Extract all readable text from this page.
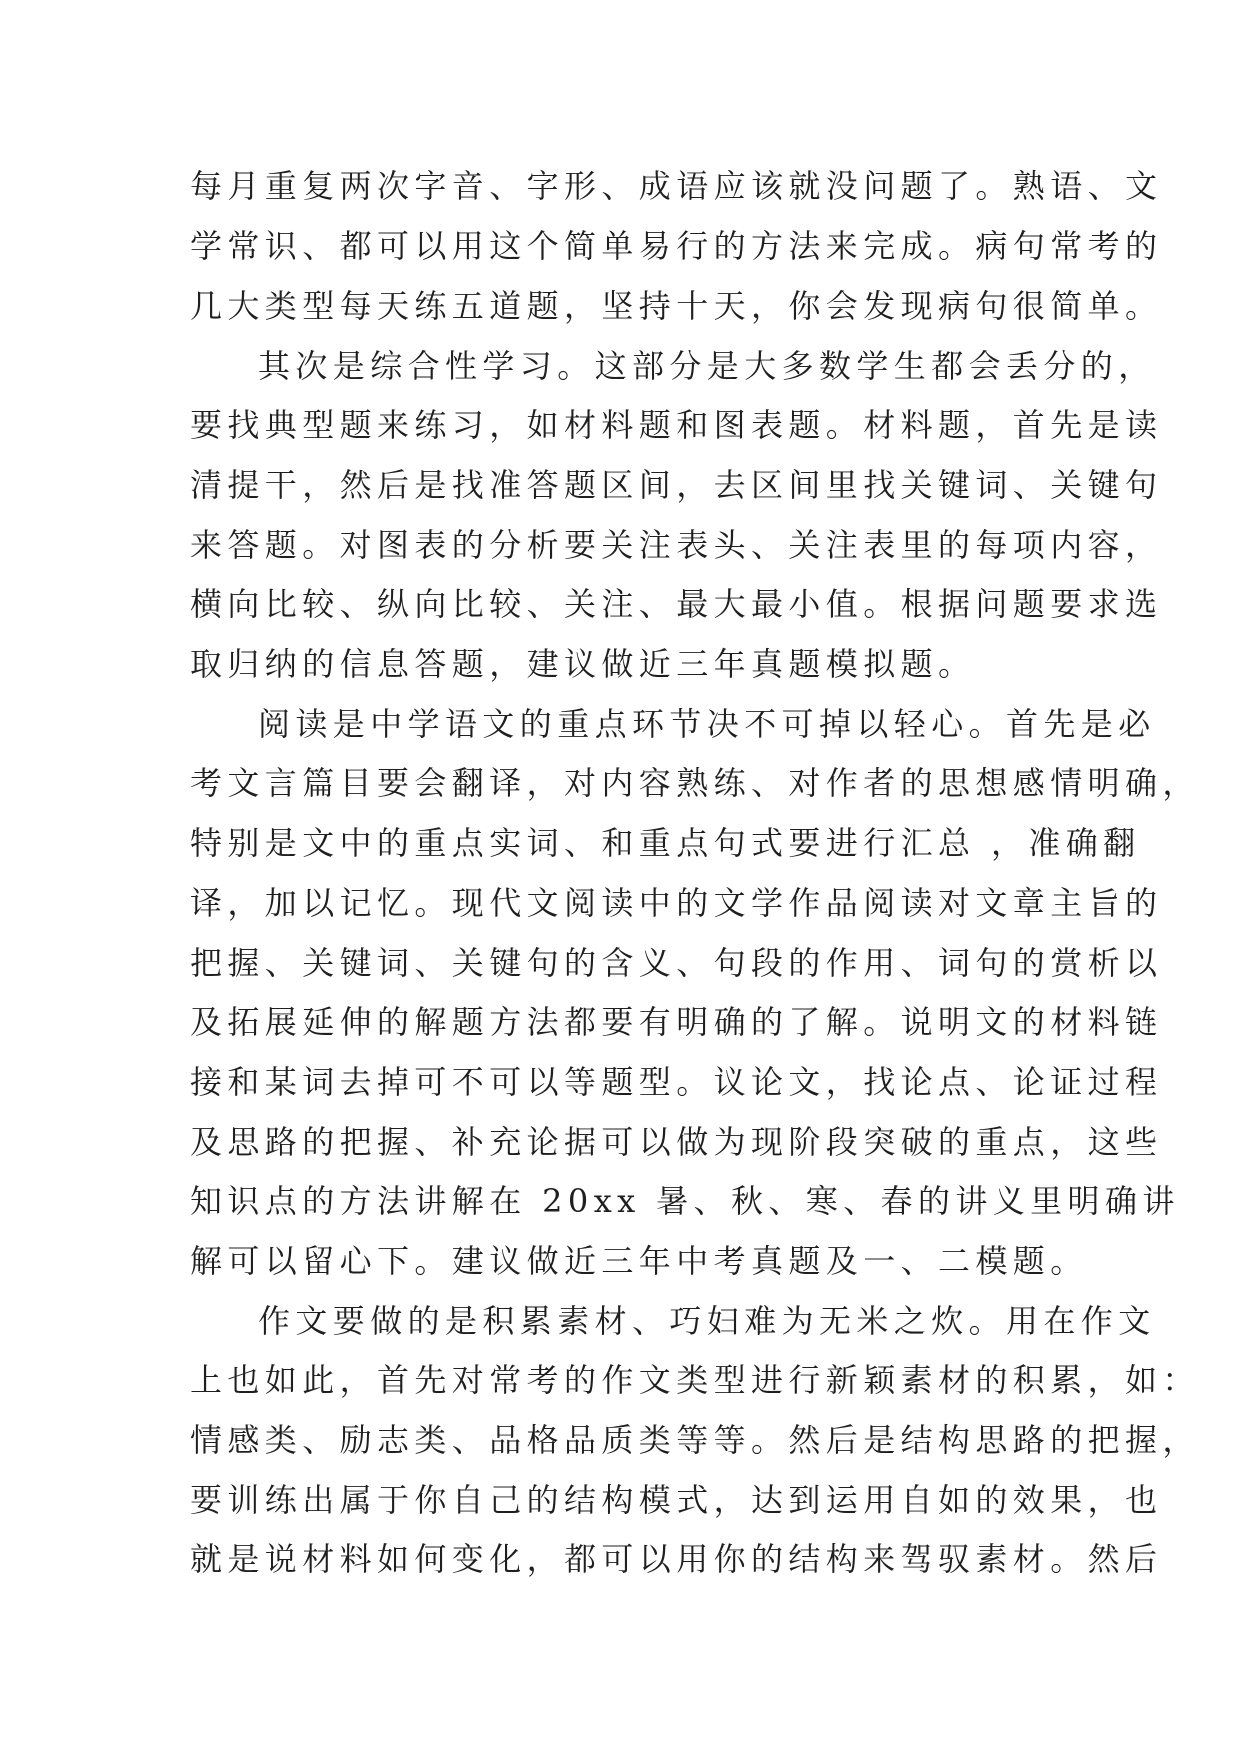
每月重复两次字音、字形、成语应该就没问题了。熟语、文
学常识、都可以用这个简单易行的方法来完成。病句常考的
几大类型每天练五道题，坚持十天，你会发现病句很简单。
其次是综合性学习。这部分是大多数学生都会丢分的，
要找典型题来练习，如材料题和图表题。材料题，首先是读
清提干，然后是找准答题区间，去区间里找关键词、关键句
来答题。对图表的分析要关注表头、关注表里的每项内容，
横向比较、纵向比较、关注、最大最小值。根据问题要求选
取归纳的信息答题，建议做近三年真题模拟题。
阅读是中学语文的重点环节决不可掉以轻心。首先是必
考文言篇目要会翻译，对内容熟练、对作者的思想感情明确，
特别是文中的重点实词、和重点句式要进行汇总 ，准确翻
译，加以记忆。现代文阅读中的文学作品阅读对文章主旨的
把握、关键词、关键句的含义、句段的作用、词句的赏析以
及拓展延伸的解题方法都要有明确的了解。说明文的材料链
接和某词去掉可不可以等题型。议论文，找论点、论证过程
及思路的把握、补充论据可以做为现阶段突破的重点，这些
知识点的方法讲解在 20xx 暑、秋、寒、春的讲义里明确讲
解可以留心下。建议做近三年中考真题及一、二模题。
作文要做的是积累素材、巧妇难为无米之炊。用在作文
上也如此，首先对常考的作文类型进行新颖素材的积累，如：
情感类、励志类、品格品质类等等。然后是结构思路的把握，
要训练出属于你自己的结构模式，达到运用自如的效果，也
就是说材料如何变化，都可以用你的结构来驾驭素材。然后
